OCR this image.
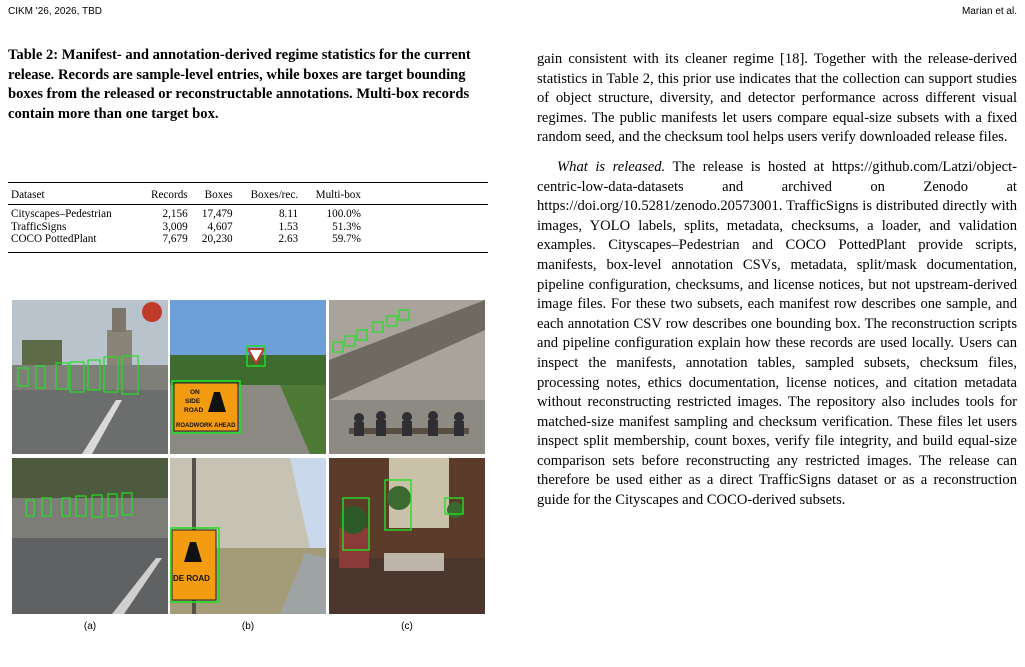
CIKM '26, 2026, TBD	Marian et al.

Table 2: Manifest- and annotation-derived regime statistics for the current release. Records are sample-level entries, while boxes are target bounding boxes from the released or reconstructable annotations. Multi-box records contain more than one target box.

Dataset	Records	Boxes	Boxes/rec.	Multi-box	
Cityscapes–Pedestrian	2,156	17,479	8.11	100.0%	
TrafficSigns	3,009	4,607	1.53	51.3%	
COCO PottedPlant	7,679	20,230	2.63	59.7%	
ON
SIDE
ROAD
ROADWORK AHEAD
DE ROAD
(a)	(b)	(c)

gain consistent with its cleaner regime [18]. Together with the release-derived statistics in Table 2, this prior use indicates that the collection can support studies of object structure, diversity, and detector performance across different visual regimes. The public manifests let users compare equal-size subsets with a fixed random seed, and the checksum tool helps users verify downloaded release files.

What is released. The release is hosted at https://github.com/Latzi/object-centric-low-data-datasets and archived on Zenodo at https://doi.org/10.5281/zenodo.20573001. TrafficSigns is distributed directly with images, YOLO labels, splits, metadata, checksums, a loader, and validation examples. Cityscapes–Pedestrian and COCO PottedPlant provide scripts, manifests, box-level annotation CSVs, metadata, split/mask documentation, pipeline configuration, checksums, and license notices, but not upstream-derived image files. For these two subsets, each manifest row describes one sample, and each annotation CSV row describes one bounding box. The reconstruction scripts and pipeline configuration explain how these records are used locally. Users can inspect the manifests, annotation tables, sampled subsets, checksum files, processing notes, ethics documentation, license notices, and citation metadata without reconstructing restricted images. The repository also includes tools for matched-size manifest sampling and checksum verification. These files let users inspect split membership, count boxes, verify file integrity, and build equal-size comparison sets before reconstructing any restricted images. The release can therefore be used either as a direct TrafficSigns dataset or as a reconstruction guide for the Cityscapes and COCO-derived subsets.
